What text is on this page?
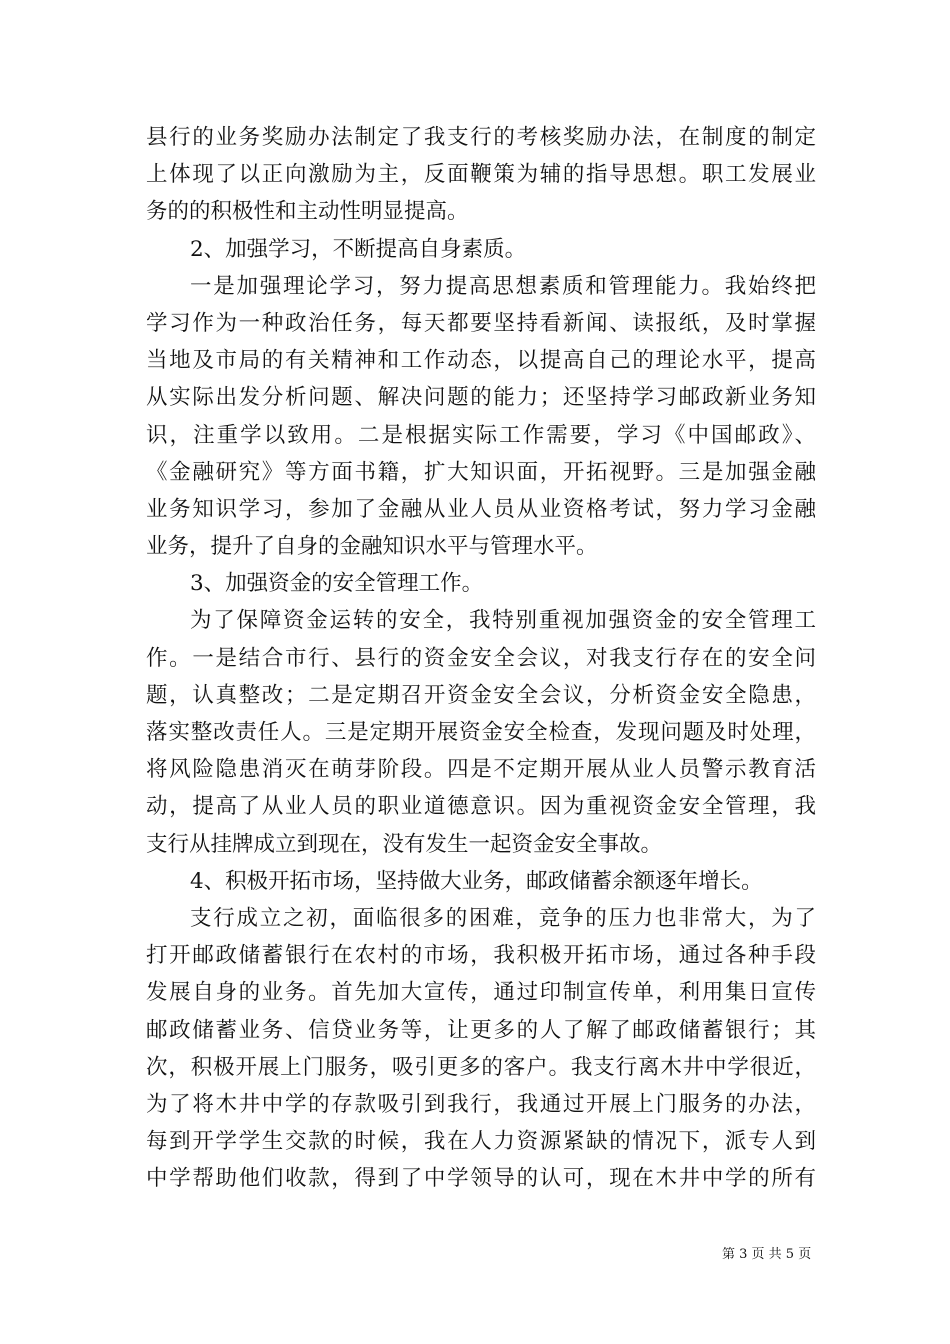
县行的业务奖励办法制定了我支行的考核奖励办法，在制度的制定
上体现了以正向激励为主，反面鞭策为辅的指导思想。职工发展业
务的的积极性和主动性明显提高。
2、加强学习，不断提高自身素质。
一是加强理论学习，努力提高思想素质和管理能力。我始终把
学习作为一种政治任务，每天都要坚持看新闻、读报纸，及时掌握
当地及市局的有关精神和工作动态，以提高自己的理论水平，提高
从实际出发分析问题、解决问题的能力；还坚持学习邮政新业务知
识，注重学以致用。二是根据实际工作需要，学习《中国邮政》、
《金融研究》等方面书籍，扩大知识面，开拓视野。三是加强金融
业务知识学习，参加了金融从业人员从业资格考试，努力学习金融
业务，提升了自身的金融知识水平与管理水平。
3、加强资金的安全管理工作。
为了保障资金运转的安全，我特别重视加强资金的安全管理工
作。一是结合市行、县行的资金安全会议，对我支行存在的安全问
题，认真整改；二是定期召开资金安全会议，分析资金安全隐患，
落实整改责任人。三是定期开展资金安全检查，发现问题及时处理，
将风险隐患消灭在萌芽阶段。四是不定期开展从业人员警示教育活
动，提高了从业人员的职业道德意识。因为重视资金安全管理，我
支行从挂牌成立到现在，没有发生一起资金安全事故。
4、积极开拓市场，坚持做大业务，邮政储蓄余额逐年增长。
支行成立之初，面临很多的困难，竞争的压力也非常大，为了
打开邮政储蓄银行在农村的市场，我积极开拓市场，通过各种手段
发展自身的业务。首先加大宣传，通过印制宣传单，利用集日宣传
邮政储蓄业务、信贷业务等，让更多的人了解了邮政储蓄银行；其
次，积极开展上门服务，吸引更多的客户。我支行离木井中学很近，
为了将木井中学的存款吸引到我行，我通过开展上门服务的办法，
每到开学学生交款的时候，我在人力资源紧缺的情况下，派专人到
中学帮助他们收款，得到了中学领导的认可，现在木井中学的所有
第 3 页 共 5 页
